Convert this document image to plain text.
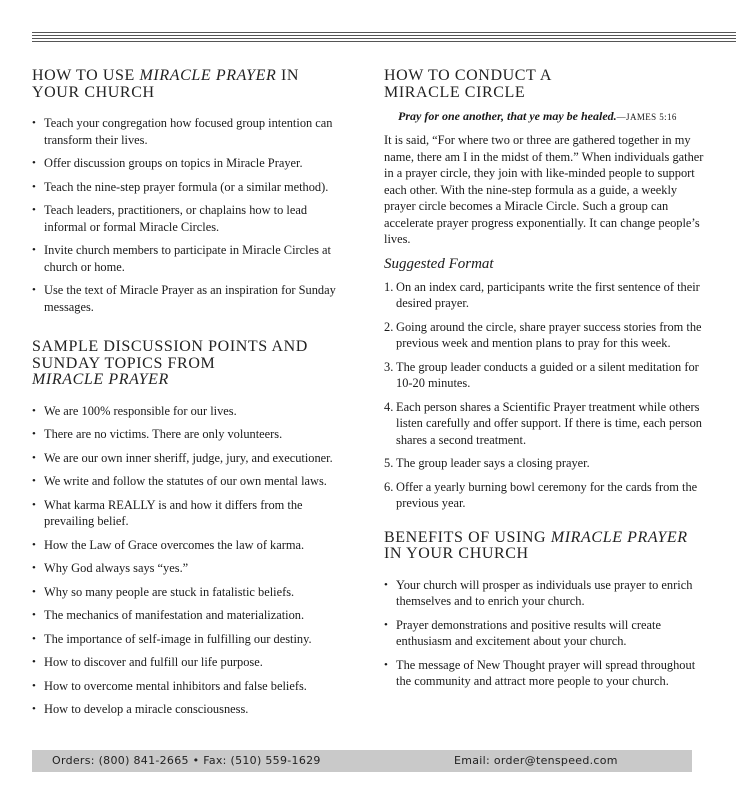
HOW TO USE MIRACLE PRAYER IN YOUR CHURCH
• Teach your congregation how focused group intention can transform their lives.
• Offer discussion groups on topics in Miracle Prayer.
• Teach the nine-step prayer formula (or a similar method).
• Teach leaders, practitioners, or chaplains how to lead informal or formal Miracle Circles.
• Invite church members to participate in Miracle Circles at church or home.
• Use the text of Miracle Prayer as an inspiration for Sunday messages.
SAMPLE DISCUSSION POINTS AND SUNDAY TOPICS FROM
MIRACLE PRAYER
• We are 100% responsible for our lives.
• There are no victims. There are only volunteers.
• We are our own inner sheriff, judge, jury, and executioner.
• We write and follow the statutes of our own mental laws.
• What karma REALLY is and how it differs from the prevailing belief.
• How the Law of Grace overcomes the law of karma.
• Why God always says “yes.”
• Why so many people are stuck in fatalistic beliefs.
• The mechanics of manifestation and materialization.
• The importance of self-image in fulfilling our destiny.
• How to discover and fulfill our life purpose.
• How to overcome mental inhibitors and false beliefs.
• How to develop a miracle consciousness.
HOW TO CONDUCT A MIRACLE CIRCLE
Pray for one another, that ye may be healed.—JAMES 5:16

It is said, “For where two or three are gathered together in my name, there am I in the midst of them.” When individuals gather in a prayer circle, they join with like-minded people to support each other. With the nine-step formula as a guide, a weekly prayer circle becomes a Miracle Circle. Such a group can accelerate prayer progress exponentially. It can change people’s lives.

Suggested Format
1. On an index card, participants write the first sentence of their desired prayer.
2. Going around the circle, share prayer success stories from the previous week and mention plans to pray for this week.
3. The group leader conducts a guided or a silent meditation for 10-20 minutes.
4. Each person shares a Scientific Prayer treatment while others listen carefully and offer support. If there is time, each person shares a second treatment.
5. The group leader says a closing prayer.
6. Offer a yearly burning bowl ceremony for the cards from the previous year.
BENEFITS OF USING MIRACLE PRAYER IN YOUR CHURCH
• Your church will prosper as individuals use prayer to enrich themselves and to enrich your church.
• Prayer demonstrations and positive results will create enthusiasm and excitement about your church.
• The message of New Thought prayer will spread throughout the community and attract more people to your church.
Orders: (800) 841-2665 • Fax: (510) 559-1629	Email: order@tenspeed.com
